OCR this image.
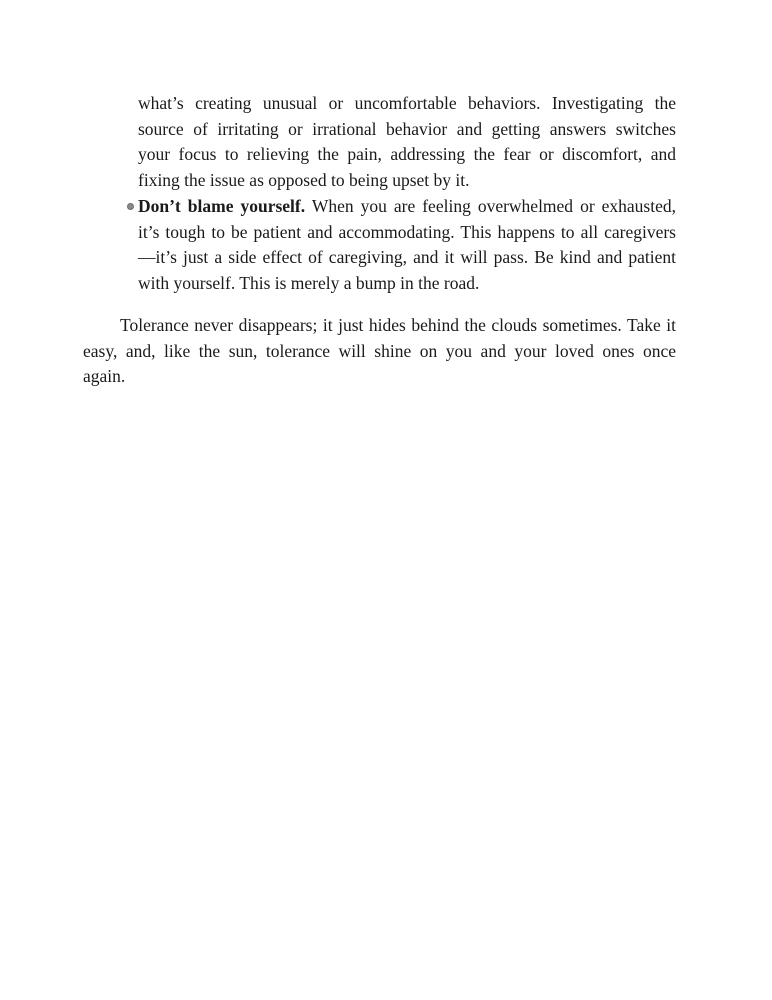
what’s creating unusual or uncomfortable behaviors. Investigating the
source of irritating or irrational behavior and getting answers switches
your focus to relieving the pain, addressing the fear or discomfort, and
fixing the issue as opposed to being upset by it.
Don’t blame yourself. When you are feeling overwhelmed or exhausted,
it’s tough to be patient and accommodating. This happens to all caregivers
—it’s just a side effect of caregiving, and it will pass. Be kind and patient
with yourself. This is merely a bump in the road.
Tolerance never disappears; it just hides behind the clouds sometimes. Take it
easy, and, like the sun, tolerance will shine on you and your loved ones once
again.
